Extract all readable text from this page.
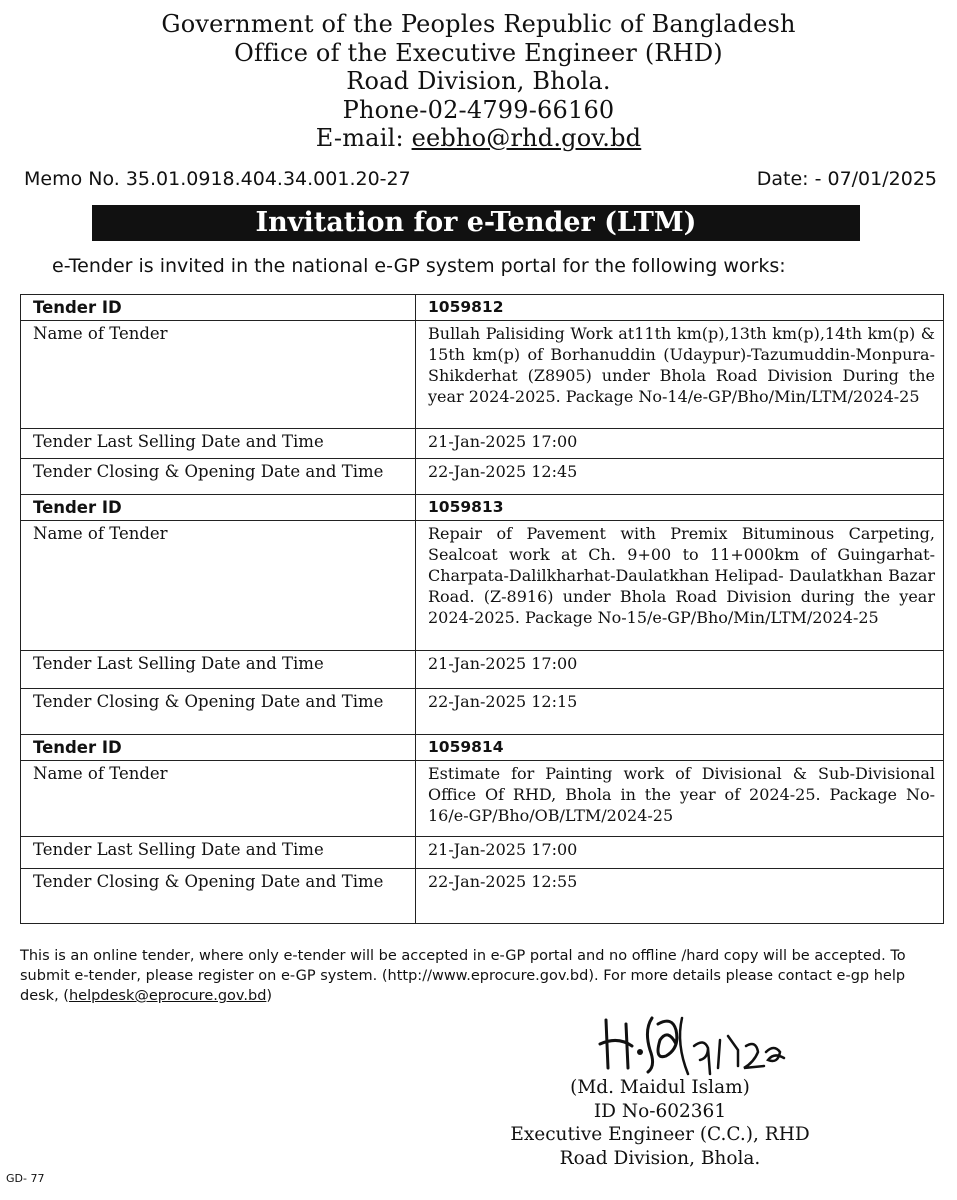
Government of the Peoples Republic of Bangladesh
Office of the Executive Engineer (RHD)
Road Division, Bhola.
Phone-02-4799-66160
E-mail: eebho@rhd.gov.bd
Memo No. 35.01.0918.404.34.001.20-27	Date: - 07/01/2025
Invitation for e-Tender (LTM)
e-Tender is invited in the national e-GP system portal for the following works:
Tender ID	1059812
Name of Tender	Bullah Palisiding Work at11th km(p),13th km(p),14th km(p) & 15th km(p) of Borhanuddin (Udaypur)-Tazumuddin-Monpura-Shikderhat (Z8905) under Bhola Road Division During the year 2024-2025. Package No-14/e-GP/Bho/Min/LTM/2024-25
Tender Last Selling Date and Time	21-Jan-2025 17:00
Tender Closing & Opening Date and Time	22-Jan-2025 12:45
Tender ID	1059813
Name of Tender	Repair of Pavement with Premix Bituminous Carpeting, Sealcoat work at Ch. 9+00 to 11+000km of Guingarhat-Charpata-Dalilkharhat-Daulatkhan Helipad- Daulatkhan Bazar Road. (Z-8916) under Bhola Road Division during the year 2024-2025. Package No-15/e-GP/Bho/Min/LTM/2024-25
Tender Last Selling Date and Time	21-Jan-2025 17:00
Tender Closing & Opening Date and Time	22-Jan-2025 12:15
Tender ID	1059814
Name of Tender	Estimate for Painting work of Divisional & Sub-Divisional Office Of RHD, Bhola in the year of 2024-25. Package No-16/e-GP/Bho/OB/LTM/2024-25
Tender Last Selling Date and Time	21-Jan-2025 17:00
Tender Closing & Opening Date and Time	22-Jan-2025 12:55
This is an online tender, where only e-tender will be accepted in e-GP portal and no offline /hard copy will be accepted. To submit e-tender, please register on e-GP system. (http://www.eprocure.gov.bd). For more details please contact e-gp help desk, (helpdesk@eprocure.gov.bd)
(Md. Maidul Islam)
ID No-602361
Executive Engineer (C.C.), RHD
Road Division, Bhola.
GD- 77
